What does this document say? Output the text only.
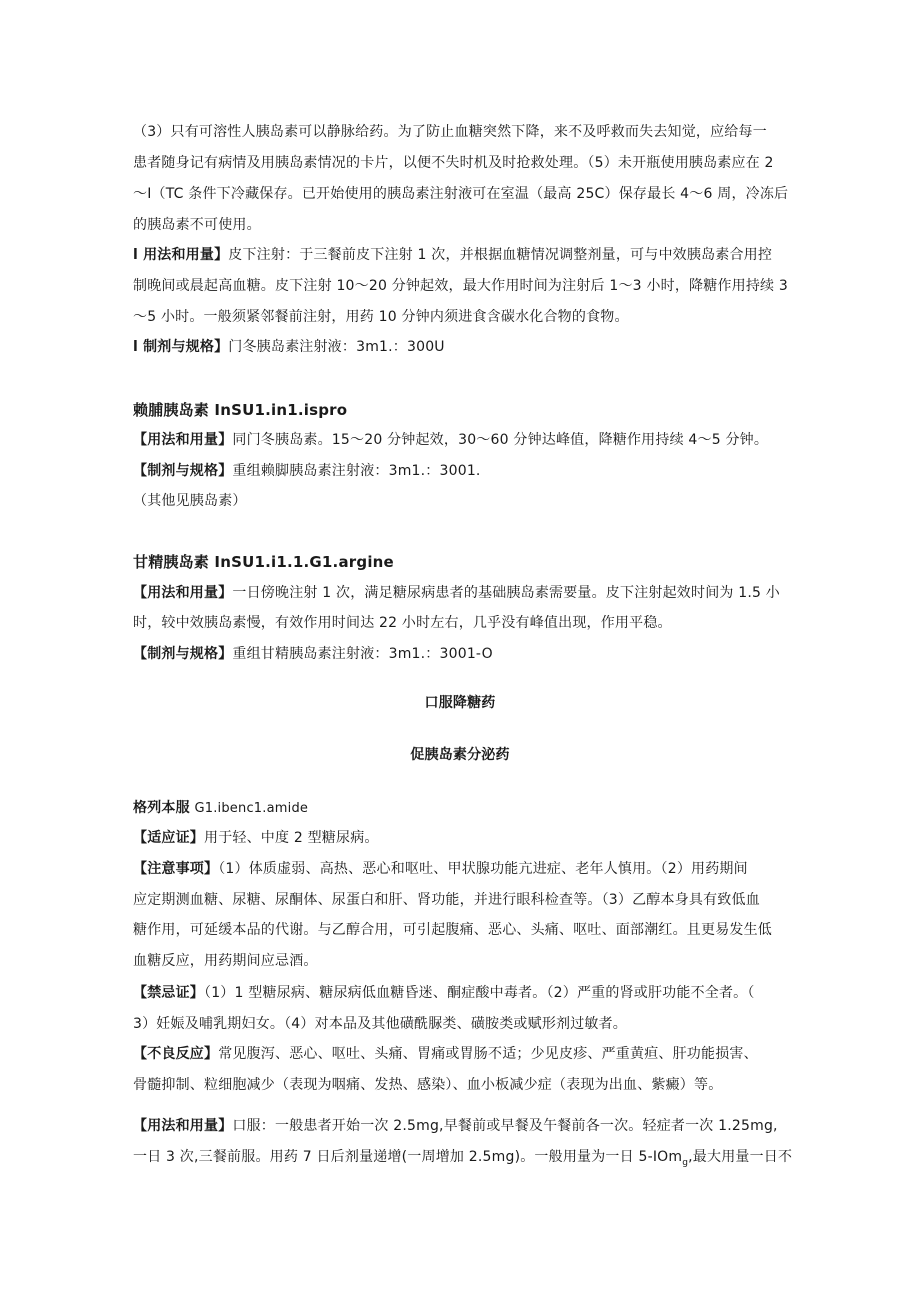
（3）只有可溶性人胰岛素可以静脉给药。为了防止血糖突然下降，来不及呼救而失去知觉，应给每一
患者随身记有病情及用胰岛素情况的卡片，以便不失时机及时抢救处理。（5）未开瓶使用胰岛素应在 2
～I（TC 条件下冷藏保存。已开始使用的胰岛素注射液可在室温（最高 25C）保存最长 4～6 周，冷冻后
的胰岛素不可使用。
l 用法和用量】皮下注射：于三餐前皮下注射 1 次，并根据血糖情况调整剂量，可与中效胰岛素合用控
制晚间或晨起高血糖。皮下注射 10～20 分钟起效，最大作用时间为注射后 1～3 小时，降糖作用持续 3
～5 小时。一般须紧邻餐前注射，用药 10 分钟内须进食含碳水化合物的食物。
l 制剂与规格】门冬胰岛素注射液：3m1.：300U
赖脯胰岛素 InSU1.in1.ispro
【用法和用量】同门冬胰岛素。15～20 分钟起效，30～60 分钟达峰值，降糖作用持续 4～5 分钟。
【制剂与规格】重组赖脚胰岛素注射液：3m1.：3001.
（其他见胰岛素）
甘精胰岛素 InSU1.i1.1.G1.argine
【用法和用量】一日傍晚注射 1 次，满足糖尿病患者的基础胰岛素需要量。皮下注射起效时间为 1.5 小
时，较中效胰岛素慢，有效作用时间达 22 小时左右，几乎没有峰值出现，作用平稳。
【制剂与规格】重组甘精胰岛素注射液：3m1.：3001-O
口服降糖药
促胰岛素分泌药
格列本服 G1.ibenc1.amide
【适应证】用于轻、中度 2 型糖尿病。
【注意事项】（1）体质虚弱、高热、恶心和呕吐、甲状腺功能亢进症、老年人慎用。（2）用药期间
应定期测血糖、尿糖、尿酮体、尿蛋白和肝、肾功能，并进行眼科检查等。（3）乙醇本身具有致低血
糖作用，可延缓本品的代谢。与乙醇合用，可引起腹痛、恶心、头痛、呕吐、面部潮红。且更易发生低
血糖反应，用药期间应忌酒。
【禁忌证】（1）1 型糖尿病、糖尿病低血糖昏迷、酮症酸中毒者。（2）严重的肾或肝功能不全者。（
3）妊娠及哺乳期妇女。（4）对本品及其他磺酰脲类、磺胺类或赋形剂过敏者。
【不良反应】常见腹泻、恶心、呕吐、头痛、胃痛或胃肠不适；少见皮疹、严重黄疸、肝功能损害、
骨髓抑制、粒细胞减少（表现为咽痛、发热、感染）、血小板减少症（表现为出血、紫癜）等。
【用法和用量】口服：一般患者开始一次 2.5mg,早餐前或早餐及午餐前各一次。轻症者一次 1.25mg,
一日 3 次,三餐前服。用药 7 日后剂量递增(一周增加 2.5mg)。一般用量为一日 5-IOm$_g$,最大用量一日不
